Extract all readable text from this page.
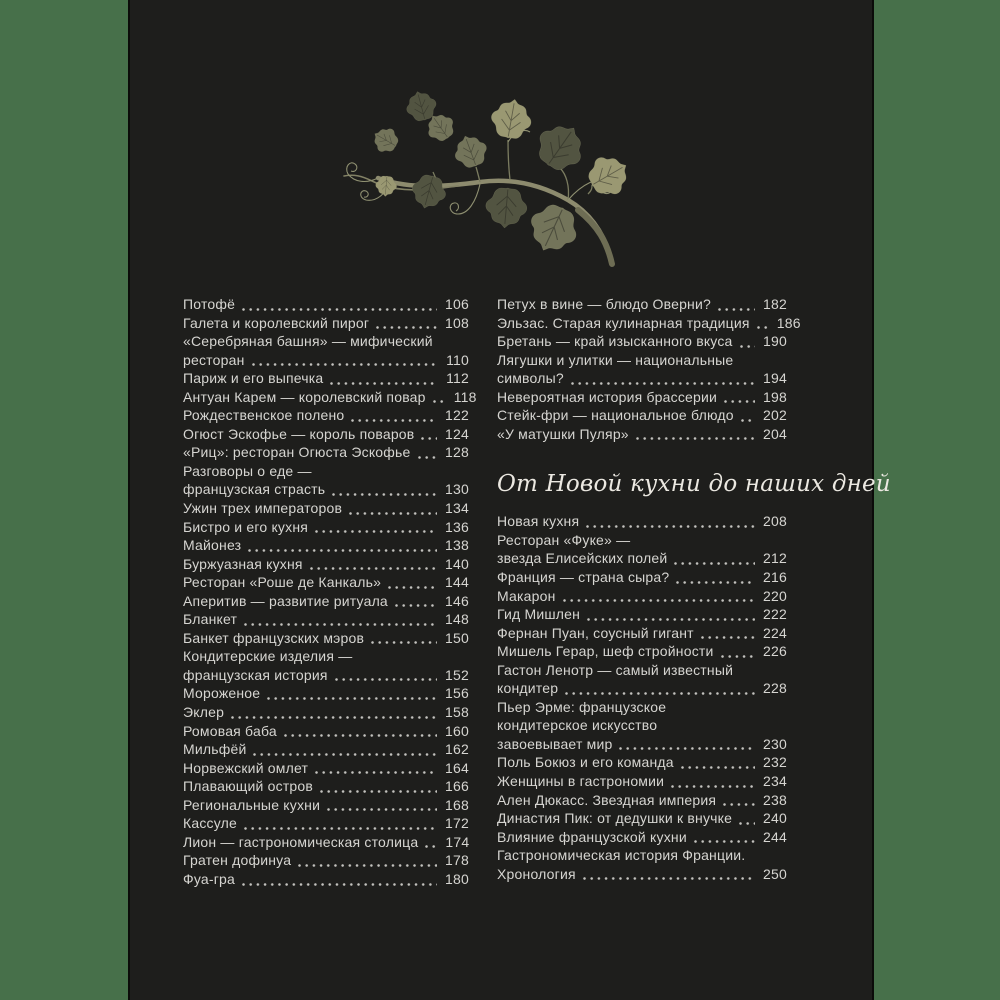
Потофё	106
Галета и королевский пирог	108
«Серебряная башня» — мифический
ресторан	110
Париж и его выпечка	112
Антуан Карем — королевский повар 118
Рождественское полено	122
Огюст Эскофье — король поваров 124
«Риц»: ресторан Огюста Эскофье 128
Разговоры о еде —
французская страсть	130
Ужин трех императоров	134
Бистро и его кухня	136
Майонез	138
Буржуазная кухня	140
Ресторан «Роше де Канкаль»	144
Аперитив — развитие ритуала	146
Бланкет	148
Банкет французских мэров	150
Кондитерские изделия —
французская история	152
Мороженое	156
Эклер	158
Ромовая баба	160
Мильфёй	162
Норвежский омлет	164
Плавающий остров	166
Региональные кухни	168
Кассуле	172
Лион — гастрономическая столица 174
Гратен дофинуа	178
Фуа-гра	180
Петух в вине — блюдо Оверни?	182
Эльзас. Старая кулинарная традиция 186
Бретань — край изысканного вкуса 190
Лягушки и улитки — национальные
символы?	194
Невероятная история брассерии	198
Стейк-фри — национальное блюдо 202
«У матушки Пуляр»	204
От Новой кухни до наших дней
Новая кухня	208
Ресторан «Фуке» —
звезда Елисейских полей	212
Франция — страна сыра?	216
Макарон	220
Гид Мишлен	222
Фернан Пуан, соусный гигант	224
Мишель Герар, шеф стройности	226
Гастон Ленотр — самый известный
кондитер	228
Пьер Эрме: французское
кондитерское искусство
завоевывает мир	230
Поль Бокюз и его команда	232
Женщины в гастрономии	234
Ален Дюкасс. Звездная империя	238
Династия Пик: от дедушки к внучке 240
Влияние французской кухни	244
Гастрономическая история Франции.
Хронология	250
